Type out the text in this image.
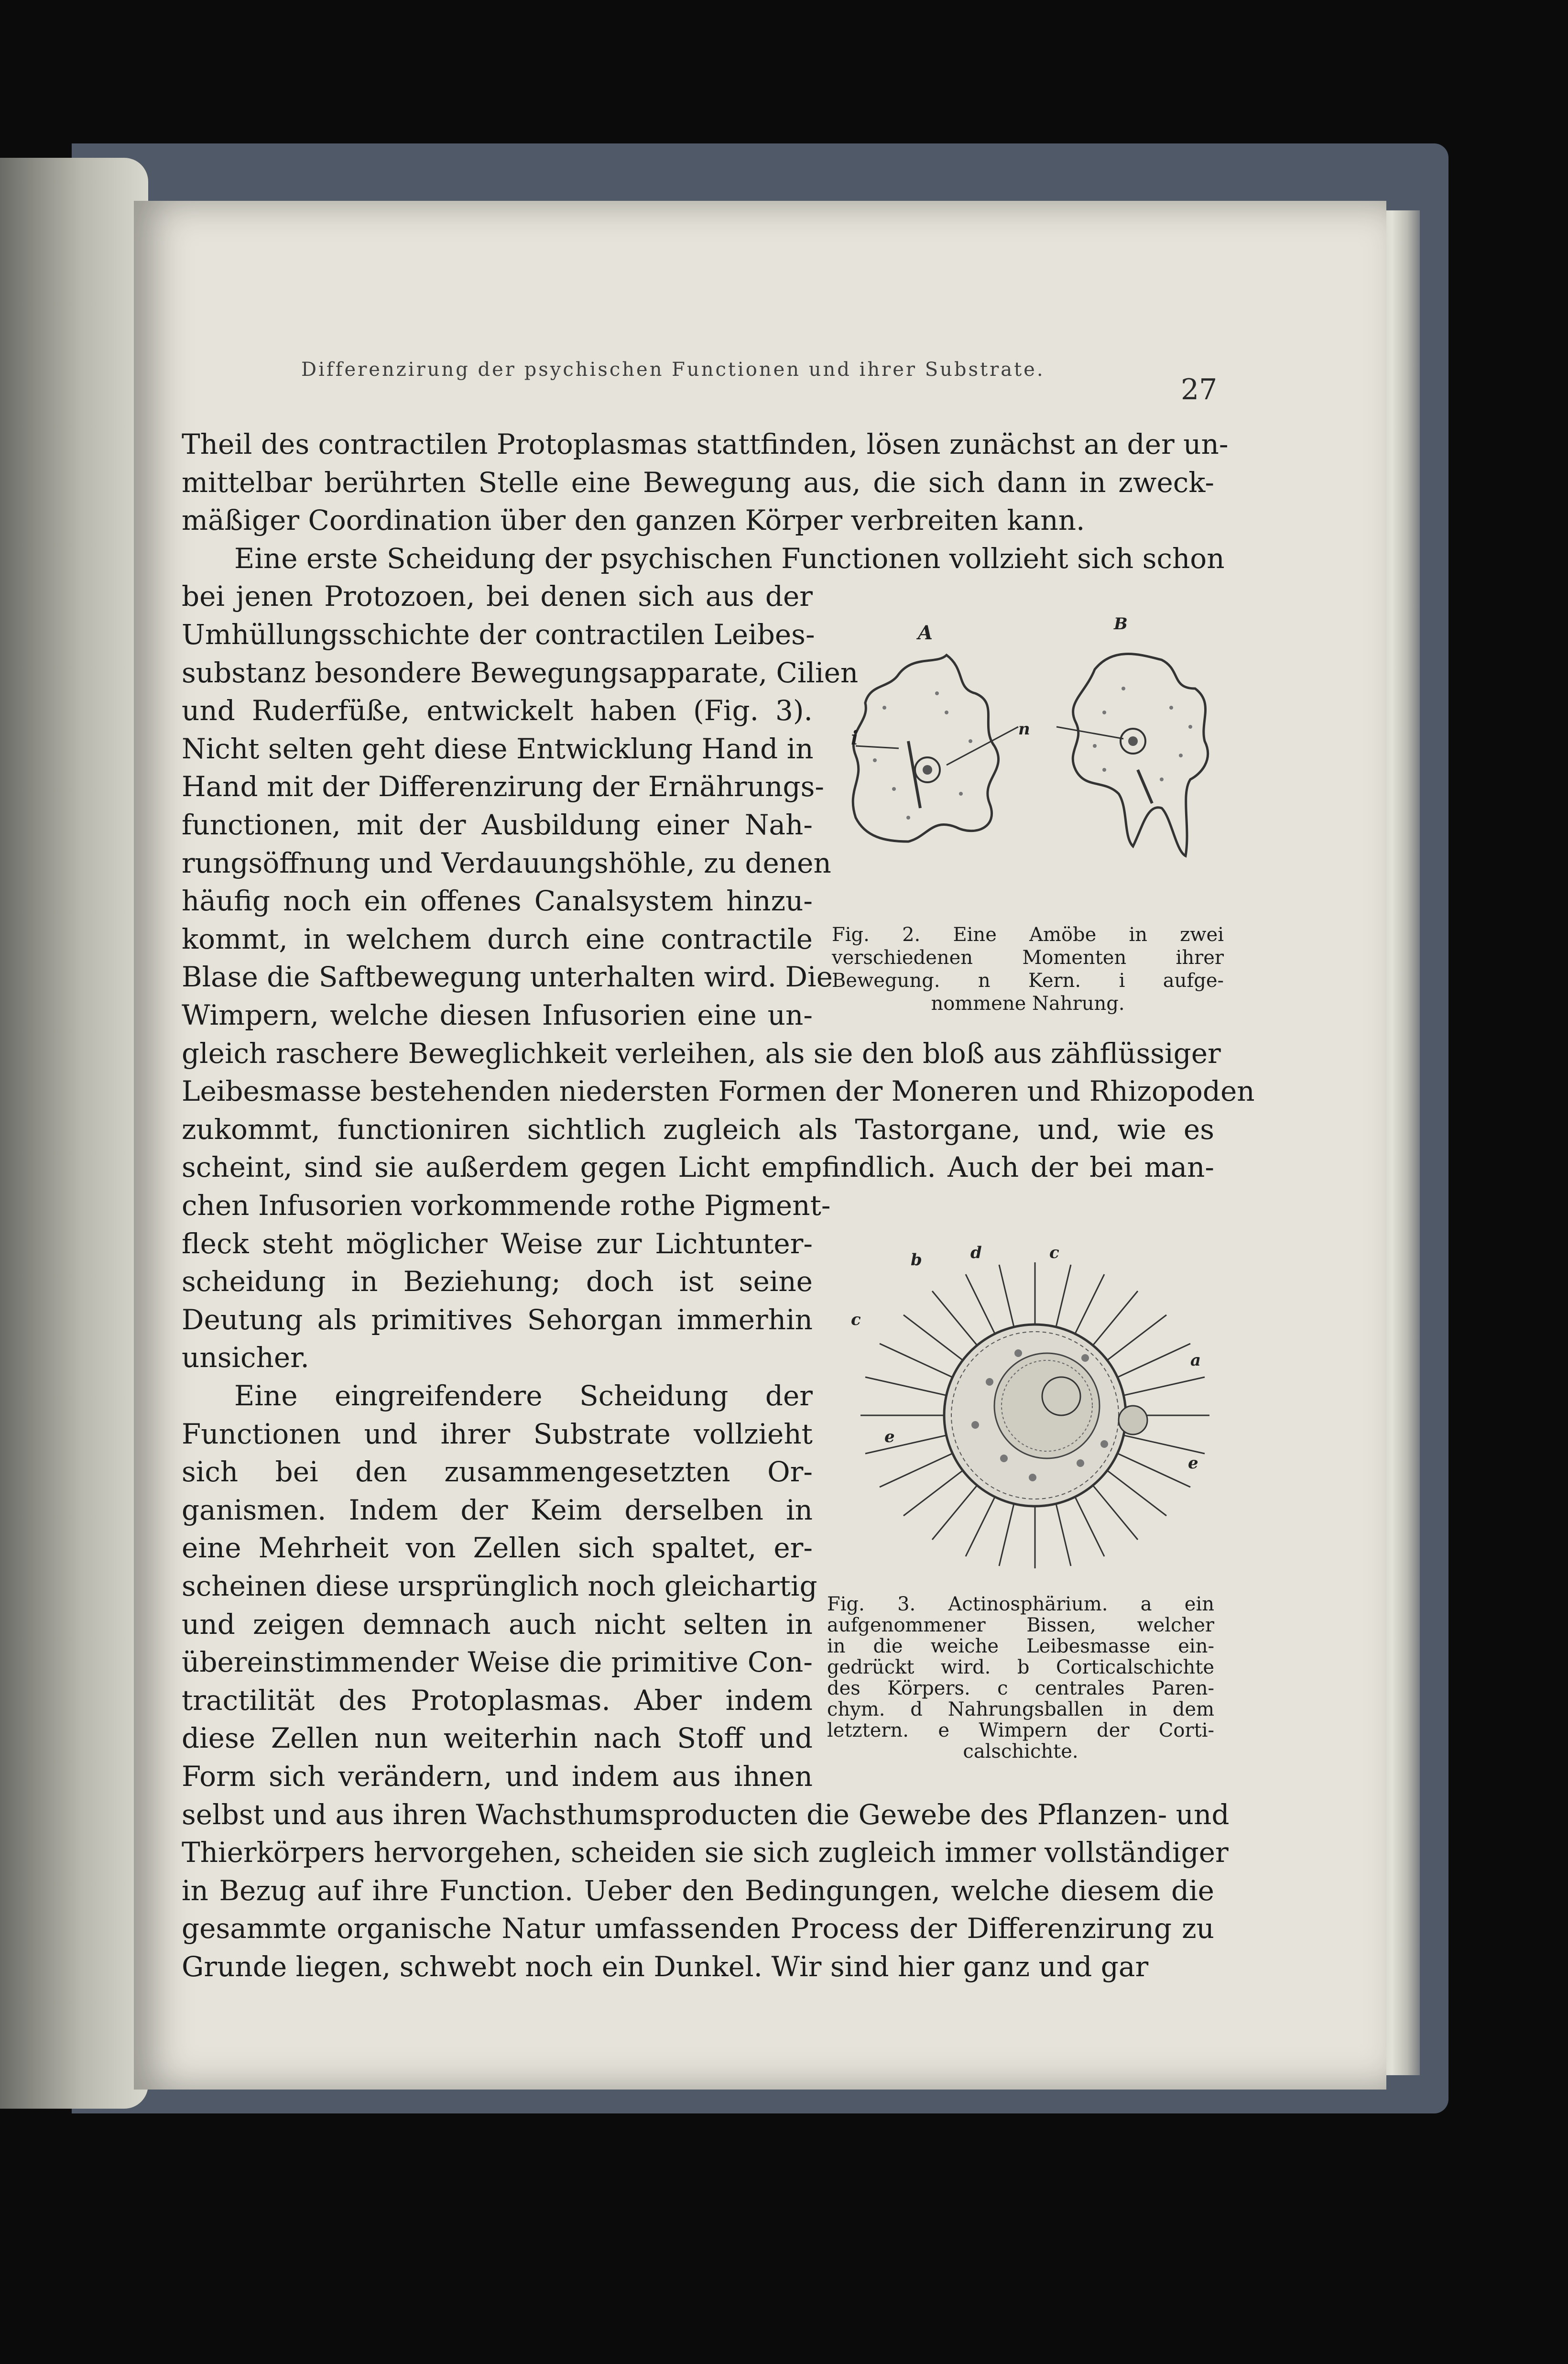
Differenzirung der psychischen Functionen und ihrer Substrate.
27
A	B
i	n
Fig. 2. Eine Amöbe in zwei
verschiedenen Momenten ihrer
Bewegung. n Kern. i aufge-
nommene Nahrung.
b	d	c
c
a
e
e
Fig. 3. Actinosphärium. a ein
aufgenommener Bissen, welcher
in die weiche Leibesmasse ein-
gedrückt wird. b Corticalschichte
des Körpers. c centrales Paren-
chym. d Nahrungsballen in dem
letztern. e Wimpern der Corti-
calschichte.
Theil des contractilen Protoplasmas stattfinden, lösen zunächst an der un-
mittelbar berührten Stelle eine Bewegung aus, die sich dann in zweck-
mäßiger Coordination über den ganzen Körper verbreiten kann.
Eine erste Scheidung der psychischen Functionen vollzieht sich schon
bei jenen Protozoen, bei denen sich aus der
Umhüllungsschichte der contractilen Leibes-
substanz besondere Bewegungsapparate, Cilien
und Ruderfüße, entwickelt haben (Fig. 3).
Nicht selten geht diese Entwicklung Hand in
Hand mit der Differenzirung der Ernährungs-
functionen, mit der Ausbildung einer Nah-
rungsöffnung und Verdauungshöhle, zu denen
häufig noch ein offenes Canalsystem hinzu-
kommt, in welchem durch eine contractile
Blase die Saftbewegung unterhalten wird. Die
Wimpern, welche diesen Infusorien eine un-
gleich raschere Beweglichkeit verleihen, als sie den bloß aus zähflüssiger
Leibesmasse bestehenden niedersten Formen der Moneren und Rhizopoden
zukommt, functioniren sichtlich zugleich als Tastorgane, und, wie es
scheint, sind sie außerdem gegen Licht empfindlich. Auch der bei man-
chen Infusorien vorkommende rothe Pigment-
fleck steht möglicher Weise zur Lichtunter-
scheidung in Beziehung; doch ist seine
Deutung als primitives Sehorgan immerhin
unsicher.
Eine eingreifendere Scheidung der
Functionen und ihrer Substrate vollzieht
sich bei den zusammengesetzten Or-
ganismen. Indem der Keim derselben in
eine Mehrheit von Zellen sich spaltet, er-
scheinen diese ursprünglich noch gleichartig
und zeigen demnach auch nicht selten in
übereinstimmender Weise die primitive Con-
tractilität des Protoplasmas. Aber indem
diese Zellen nun weiterhin nach Stoff und
Form sich verändern, und indem aus ihnen
selbst und aus ihren Wachsthumsproducten die Gewebe des Pflanzen- und
Thierkörpers hervorgehen, scheiden sie sich zugleich immer vollständiger
in Bezug auf ihre Function. Ueber den Bedingungen, welche diesem die
gesammte organische Natur umfassenden Process der Differenzirung zu
Grunde liegen, schwebt noch ein Dunkel. Wir sind hier ganz und gar
